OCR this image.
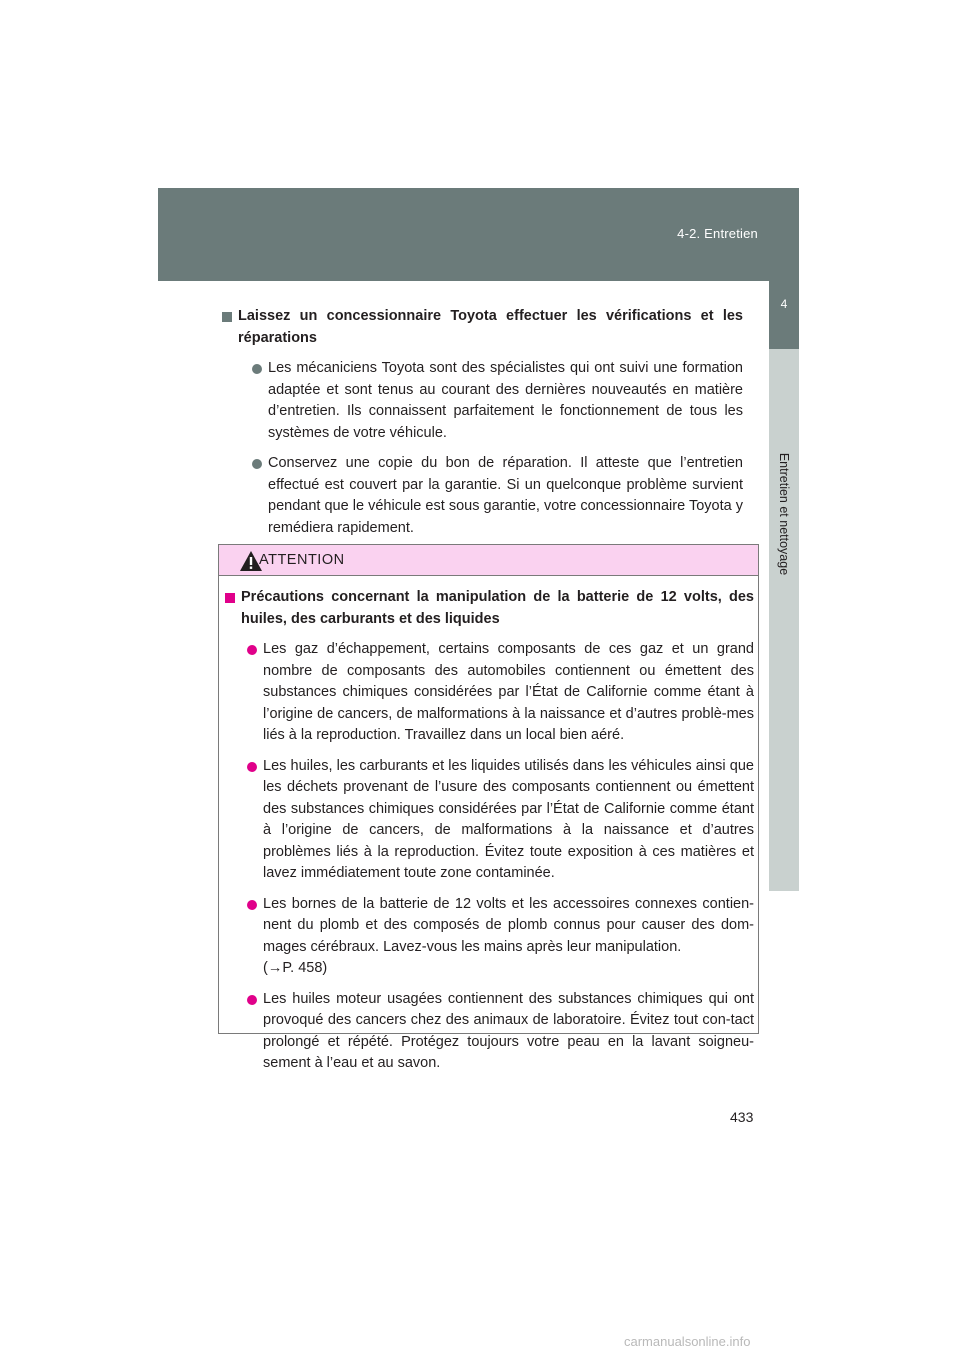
4-2. Entretien
4
Entretien et nettoyage
Laissez un concessionnaire Toyota effectuer les vérifications et les réparations
Les mécaniciens Toyota sont des spécialistes qui ont suivi une formation adaptée et sont tenus au courant des dernières nouveautés en matière d’entretien. Ils connaissent parfaitement le fonctionnement de tous les systèmes de votre véhicule.
Conservez une copie du bon de réparation. Il atteste que l’entretien effectué est couvert par la garantie. Si un quelconque problème survient pendant que le véhicule est sous garantie, votre concessionnaire Toyota y remédiera rapidement.
ATTENTION
Précautions concernant la manipulation de la batterie de 12 volts, des huiles, des carburants et des liquides
Les gaz d’échappement, certains composants de ces gaz et un grand nombre de composants des automobiles contiennent ou émettent des substances chimiques considérées par l’État de Californie comme étant à l’origine de cancers, de malformations à la naissance et d’autres problè-mes liés à la reproduction. Travaillez dans un local bien aéré.
Les huiles, les carburants et les liquides utilisés dans les véhicules ainsi que les déchets provenant de l’usure des composants contiennent ou émettent des substances chimiques considérées par l’État de Californie comme étant à l’origine de cancers, de malformations à la naissance et d’autres problèmes liés à la reproduction. Évitez toute exposition à ces matières et lavez immédiatement toute zone contaminée.
Les bornes de la batterie de 12 volts et les accessoires connexes contien-nent du plomb et des composés de plomb connus pour causer des dom-mages cérébraux. Lavez-vous les mains après leur manipulation.
(→P. 458)
Les huiles moteur usagées contiennent des substances chimiques qui ont provoqué des cancers chez des animaux de laboratoire. Évitez tout con-tact prolongé et répété. Protégez toujours votre peau en la lavant soigneu-sement à l’eau et au savon.
433
carmanualsonline.info
